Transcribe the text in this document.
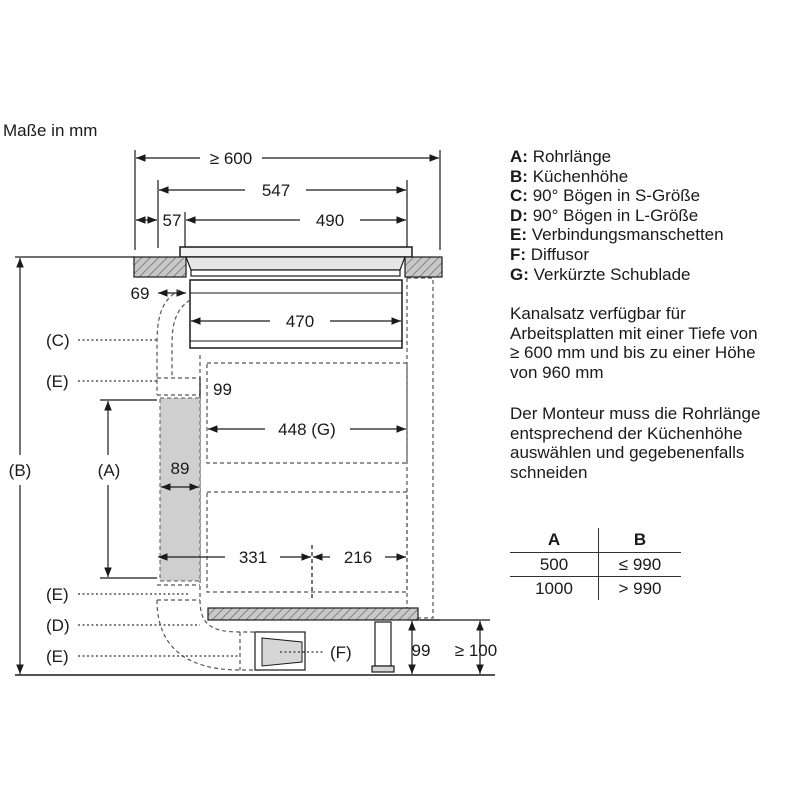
Maße in mm
≥ 600
547
57	490
69
470
99
448 (G)
89
331	216
99 ≥ 100
(B)	(A)
(C)
(E)
(E)
(D)
(E)	(F)
A: Rohrlänge
B: Küchenhöhe
C: 90° Bögen in S-Größe
D: 90° Bögen in L-Größe
E: Verbindungsmanschetten
F: Diffusor
G: Verkürzte Schublade
Kanalsatz verfügbar für
Arbeitsplatten mit einer Tiefe von
≥ 600 mm und bis zu einer Höhe
von 960 mm
Der Monteur muss die Rohrlänge
entsprechend der Küchenhöhe
auswählen und gegebenenfalls
schneiden
A	B
500	≤ 990
1000	> 990
